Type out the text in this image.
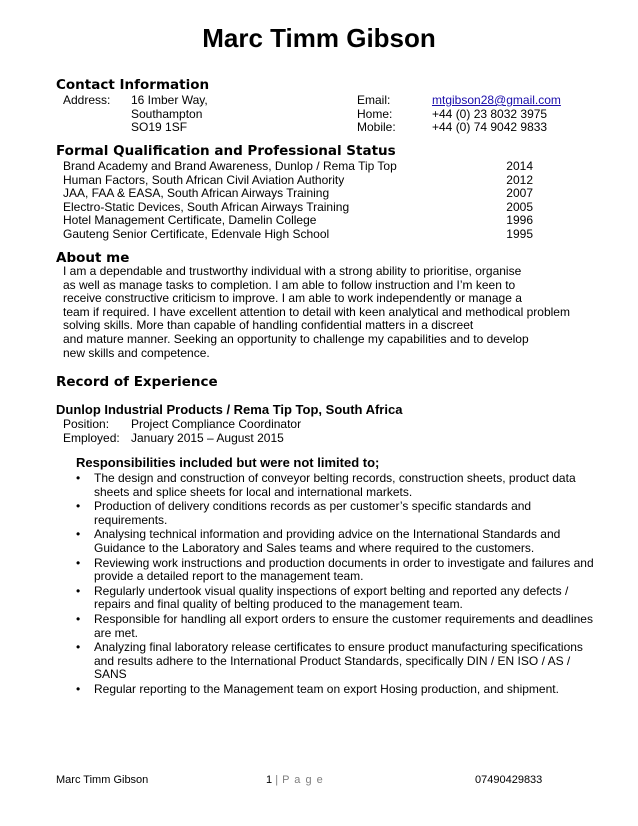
Marc Timm Gibson
Contact Information
Address: 16 Imber Way,
Southampton
SO19 1SF
Email:	mtgibson28@gmail.com
Home:	+44 (0) 23 8032 3975
Mobile:	+44 (0) 74 9042 9833
Formal Qualification and Professional Status
Brand Academy and Brand Awareness, Dunlop / Rema Tip Top	2014
Human Factors, South African Civil Aviation Authority	2012
JAA, FAA & EASA, South African Airways Training	2007
Electro-Static Devices, South African Airways Training	2005
Hotel Management Certificate, Damelin College	1996
Gauteng Senior Certificate, Edenvale High School	1995
About me
I am a dependable and trustworthy individual with a strong ability to prioritise, organise
as well as manage tasks to completion. I am able to follow instruction and I’m keen to
receive constructive criticism to improve. I am able to work independently or manage a
team if required. I have excellent attention to detail with keen analytical and methodical problem
solving skills. More than capable of handling confidential matters in a discreet
and mature manner. Seeking an opportunity to challenge my capabilities and to develop
new skills and competence.
Record of Experience
Dunlop Industrial Products / Rema Tip Top, South Africa
Position: Project Compliance Coordinator
Employed: January 2015 – August 2015
Responsibilities included but were not limited to;
• The design and construction of conveyor belting records, construction sheets, product data
sheets and splice sheets for local and international markets.
• Production of delivery conditions records as per customer’s specific standards and
requirements.
• Analysing technical information and providing advice on the International Standards and
Guidance to the Laboratory and Sales teams and where required to the customers.
• Reviewing work instructions and production documents in order to investigate and failures and
provide a detailed report to the management team.
• Regularly undertook visual quality inspections of export belting and reported any defects /
repairs and final quality of belting produced to the management team.
• Responsible for handling all export orders to ensure the customer requirements and deadlines
are met.
• Analyzing final laboratory release certificates to ensure product manufacturing specifications
and results adhere to the International Product Standards, specifically DIN / EN ISO / AS /
SANS
• Regular reporting to the Management team on export Hosing production, and shipment.
Marc Timm Gibson	1 | P a g e	07490429833
